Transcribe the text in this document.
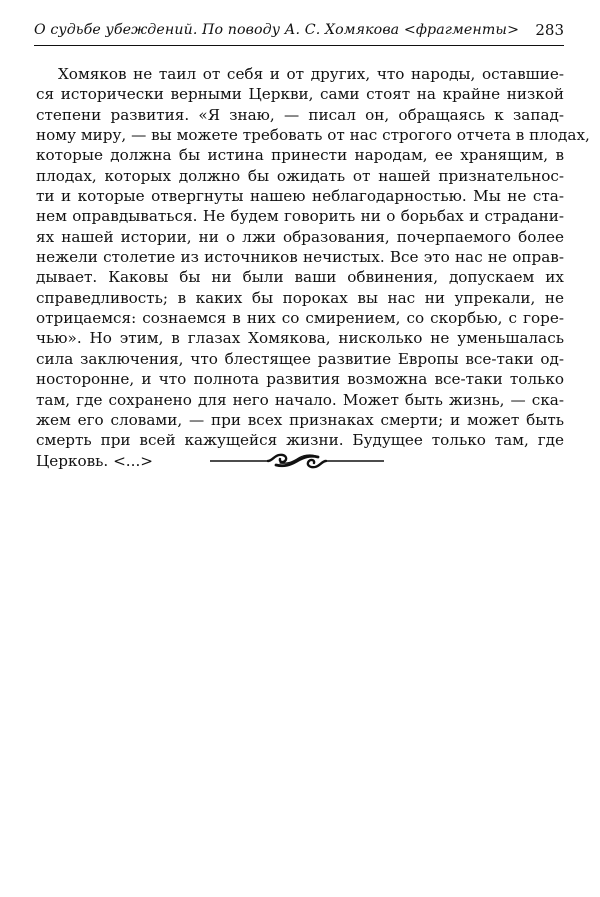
О судьбе убеждений. По поводу А. С. Хомякова <фрагменты> 283
Хомяков не таил от себя и от других, что народы, оставшие-
ся исторически верными Церкви, сами стоят на крайне низкой
степени развития. «Я знаю, — писал он, обращаясь к запад-
ному миру, — вы можете требовать от нас строгого отчета в плодах,
которые должна бы истина принести народам, ее хранящим, в
плодах, которых должно бы ожидать от нашей признательнос-
ти и которые отвергнуты нашею неблагодарностью. Мы не ста-
нем оправдываться. Не будем говорить ни о борьбах и страдани-
ях нашей истории, ни о лжи образования, почерпаемого более
нежели столетие из источников нечистых. Все это нас не оправ-
дывает. Каковы бы ни были ваши обвинения, допускаем их
справедливость; в каких бы пороках вы нас ни упрекали, не
отрицаемся: сознаемся в них со смирением, со скорбью, с горе-
чью». Но этим, в глазах Хомякова, нисколько не уменьшалась
сила заключения, что блестящее развитие Европы все-таки од-
носторонне, и что полнота развития возможна все-таки только
там, где сохранено для него начало. Может быть жизнь, — ска-
жем его словами, — при всех признаках смерти; и может быть
смерть при всей кажущейся жизни. Будущее только там, где
Церковь. <...>
